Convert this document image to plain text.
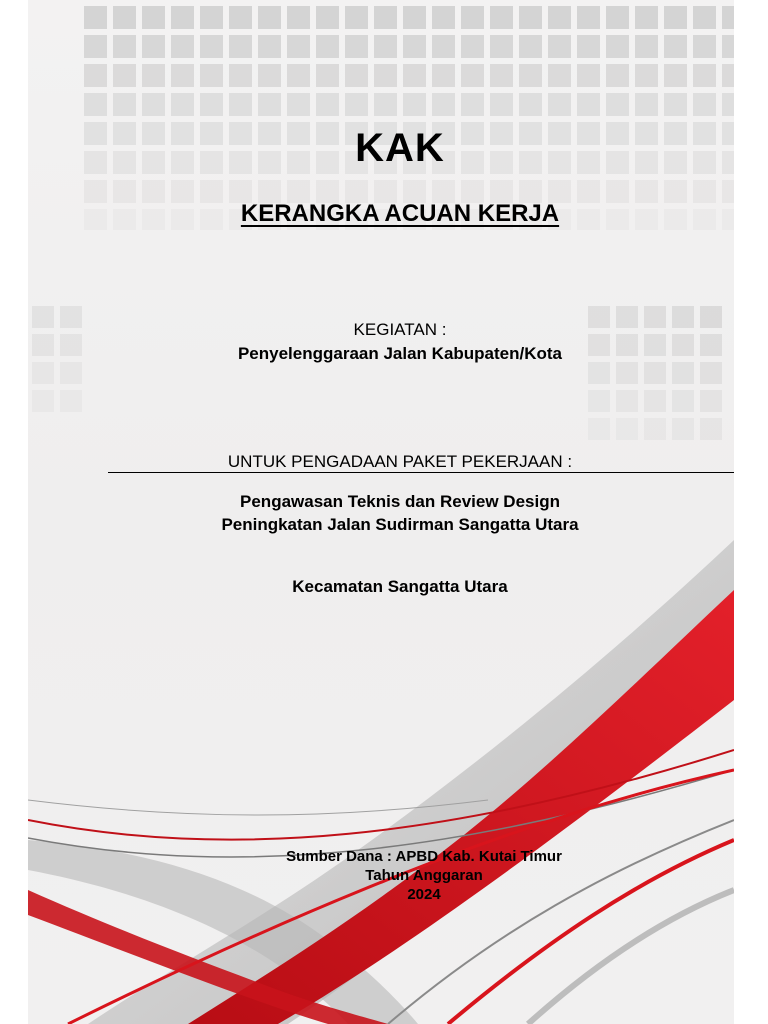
KAK
KERANGKA ACUAN KERJA
KEGIATAN :
Penyelenggaraan Jalan Kabupaten/Kota
UNTUK PENGADAAN PAKET PEKERJAAN :
Pengawasan Teknis dan Review Design
Peningkatan Jalan Sudirman Sangatta Utara
Kecamatan Sangatta Utara
Sumber Dana : APBD Kab. Kutai Timur
Tahun Anggaran
2024
